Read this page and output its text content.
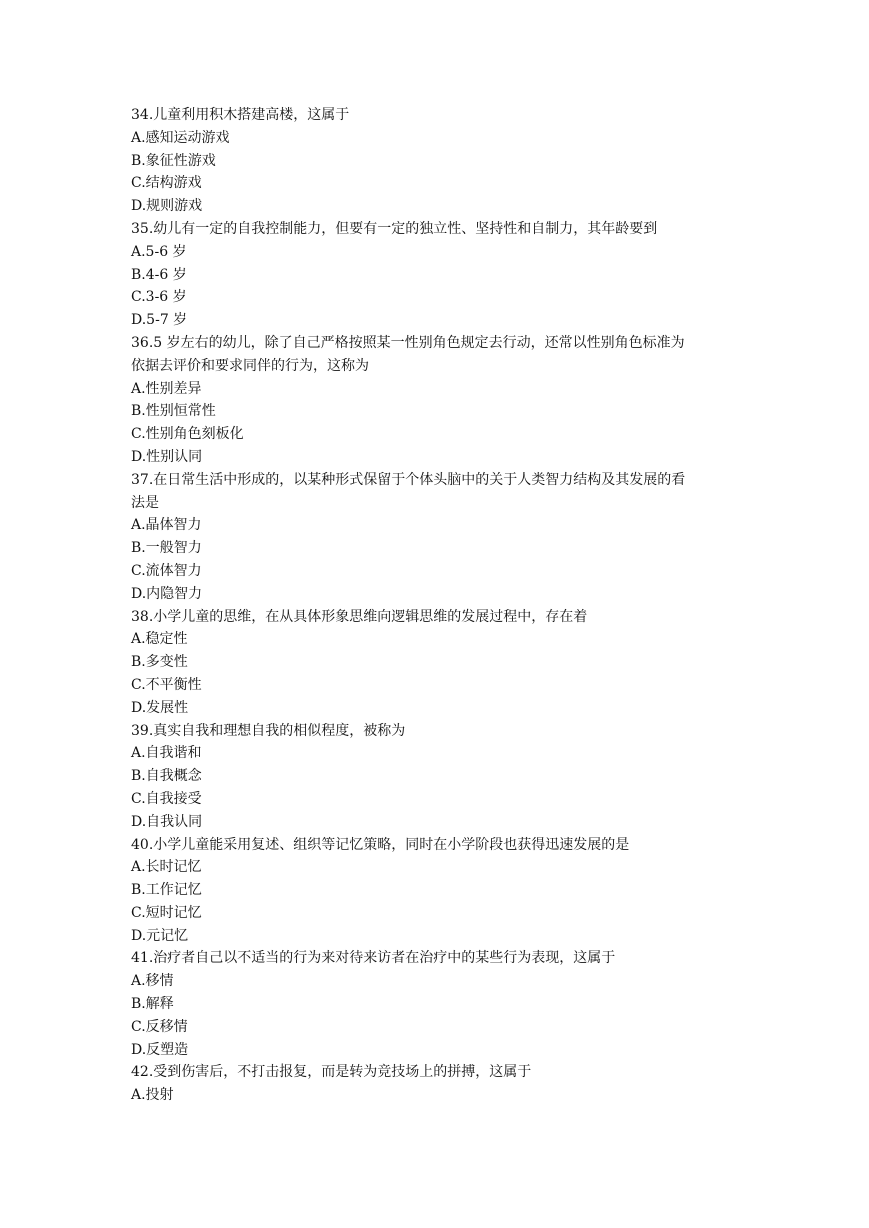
34.儿童利用积木搭建高楼，这属于
A.感知运动游戏
B.象征性游戏
C.结构游戏
D.规则游戏
35.幼儿有一定的自我控制能力，但要有一定的独立性、坚持性和自制力，其年龄要到
A.5-6 岁
B.4-6 岁
C.3-6 岁
D.5-7 岁
36.5 岁左右的幼儿，除了自己严格按照某一性别角色规定去行动，还常以性别角色标准为
依据去评价和要求同伴的行为，这称为
A.性别差异
B.性别恒常性
C.性别角色刻板化
D.性别认同
37.在日常生活中形成的，以某种形式保留于个体头脑中的关于人类智力结构及其发展的看
法是
A.晶体智力
B.一般智力
C.流体智力
D.内隐智力
38.小学儿童的思维，在从具体形象思维向逻辑思维的发展过程中，存在着
A.稳定性
B.多变性
C.不平衡性
D.发展性
39.真实自我和理想自我的相似程度，被称为
A.自我谐和
B.自我概念
C.自我接受
D.自我认同
40.小学儿童能采用复述、组织等记忆策略，同时在小学阶段也获得迅速发展的是
A.长时记忆
B.工作记忆
C.短时记忆
D.元记忆
41.治疗者自己以不适当的行为来对待来访者在治疗中的某些行为表现，这属于
A.移情
B.解释
C.反移情
D.反塑造
42.受到伤害后，不打击报复，而是转为竞技场上的拼搏，这属于
A.投射
